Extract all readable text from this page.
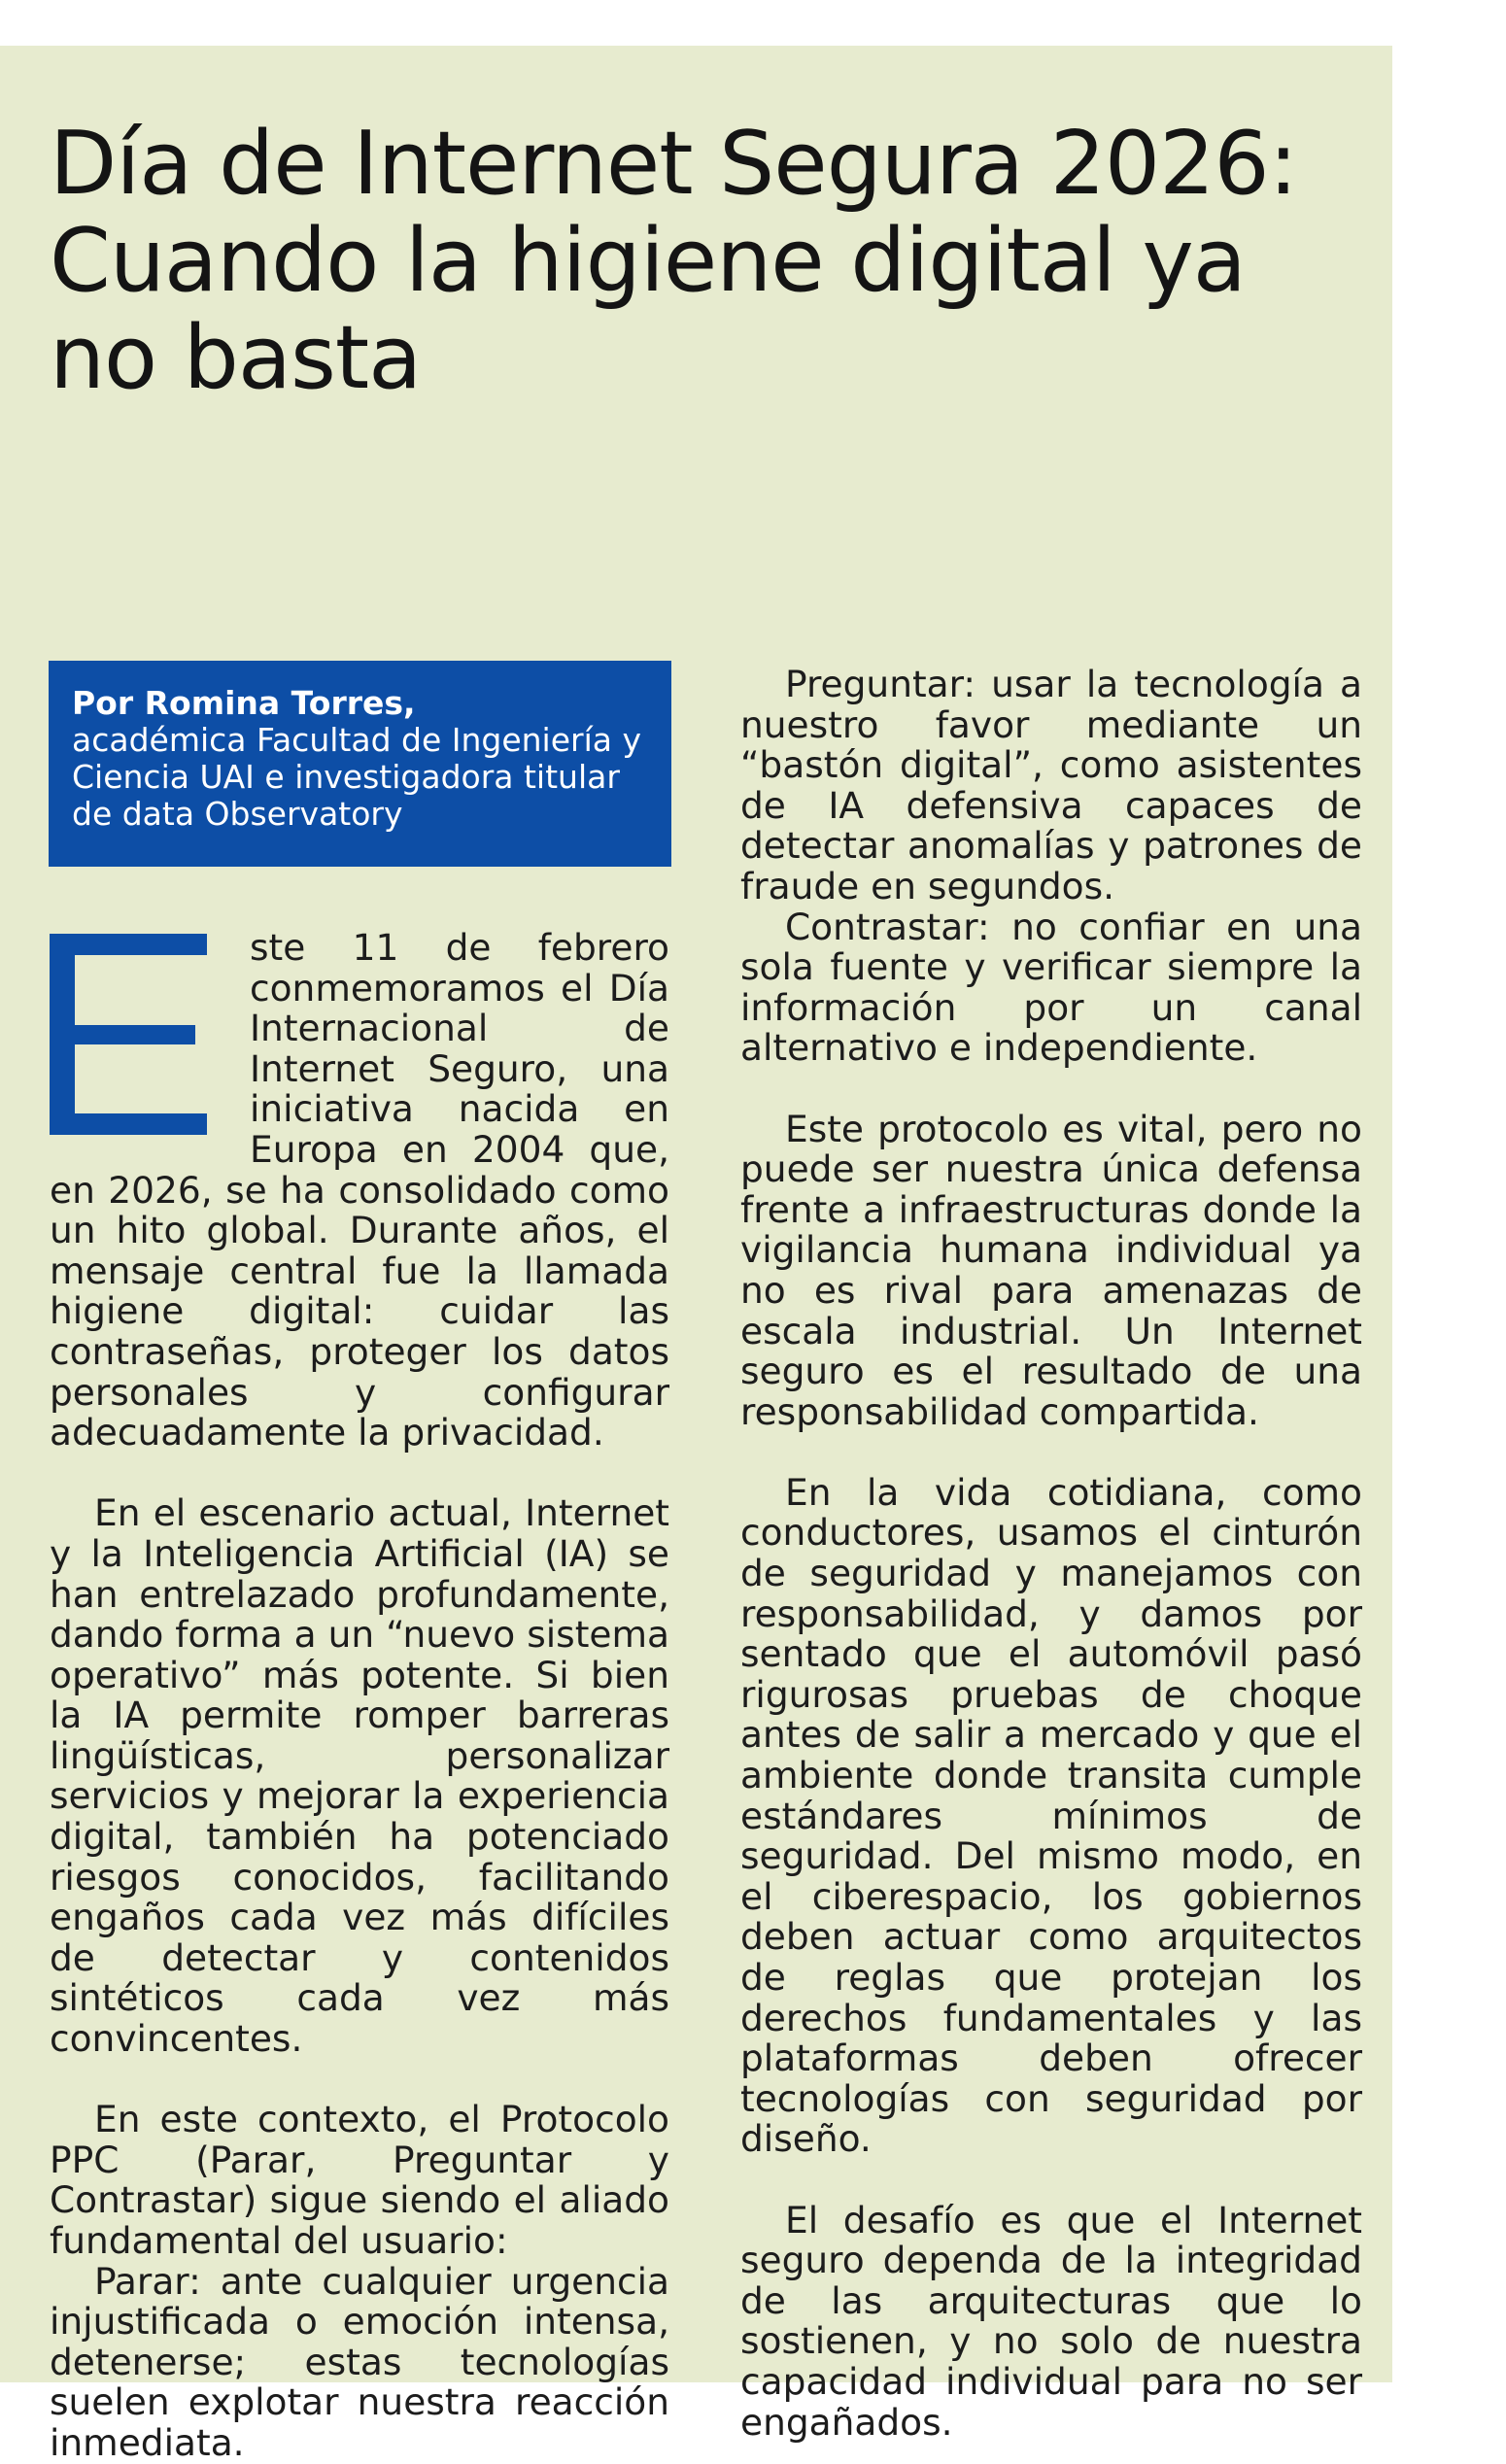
Día de Internet Segura 2026: Cuando la higiene digital ya no basta
Por Romina Torres,
académica Facultad de Ingeniería y Ciencia UAI e investigadora titular de data Observatory

ste 11 de febrero conmemoramos el Día Internacional de Internet Seguro, una iniciativa nacida en Europa en 2004 que, en 2026, se ha consolidado como un hito global. Durante años, el mensaje central fue la llamada higiene digital: cuidar las contraseñas, proteger los datos personales y configurar adecuadamente la privacidad.

En el escenario actual, Internet y la Inteligencia Artificial (IA) se han entrelazado profundamente, dando forma a un “nuevo sistema operativo” más potente. Si bien la IA permite romper barreras lingüísticas, personalizar servicios y mejorar la experiencia digital, también ha potenciado riesgos conocidos, facilitando engaños cada vez más difíciles de detectar y contenidos sintéticos cada vez más convincentes.

En este contexto, el Protocolo PPC (Parar, Preguntar y Contrastar) sigue siendo el aliado fundamental del usuario:

Parar: ante cualquier urgencia injustificada o emoción intensa, detenerse; estas tecnologías suelen explotar nuestra reacción inmediata.

Preguntar: usar la tecnología a nuestro favor mediante un “bastón digital”, como asistentes de IA defensiva capaces de detectar anomalías y patrones de fraude en segundos.

Contrastar: no confiar en una sola fuente y verificar siempre la información por un canal alternativo e independiente.

Este protocolo es vital, pero no puede ser nuestra única defensa frente a infraestructuras donde la vigilancia humana individual ya no es rival para amenazas de escala industrial. Un Internet seguro es el resultado de una responsabilidad compartida.

En la vida cotidiana, como conductores, usamos el cinturón de seguridad y manejamos con responsabilidad, y damos por sentado que el automóvil pasó rigurosas pruebas de choque antes de salir a mercado y que el ambiente donde transita cumple estándares mínimos de seguridad. Del mismo modo, en el ciberespacio, los gobiernos deben actuar como arquitectos de reglas que protejan los derechos fundamentales y las plataformas deben ofrecer tecnologías con seguridad por diseño.

El desafío es que el Internet seguro dependa de la integridad de las arquitecturas que lo sostienen, y no solo de nuestra capacidad individual para no ser engañados.
